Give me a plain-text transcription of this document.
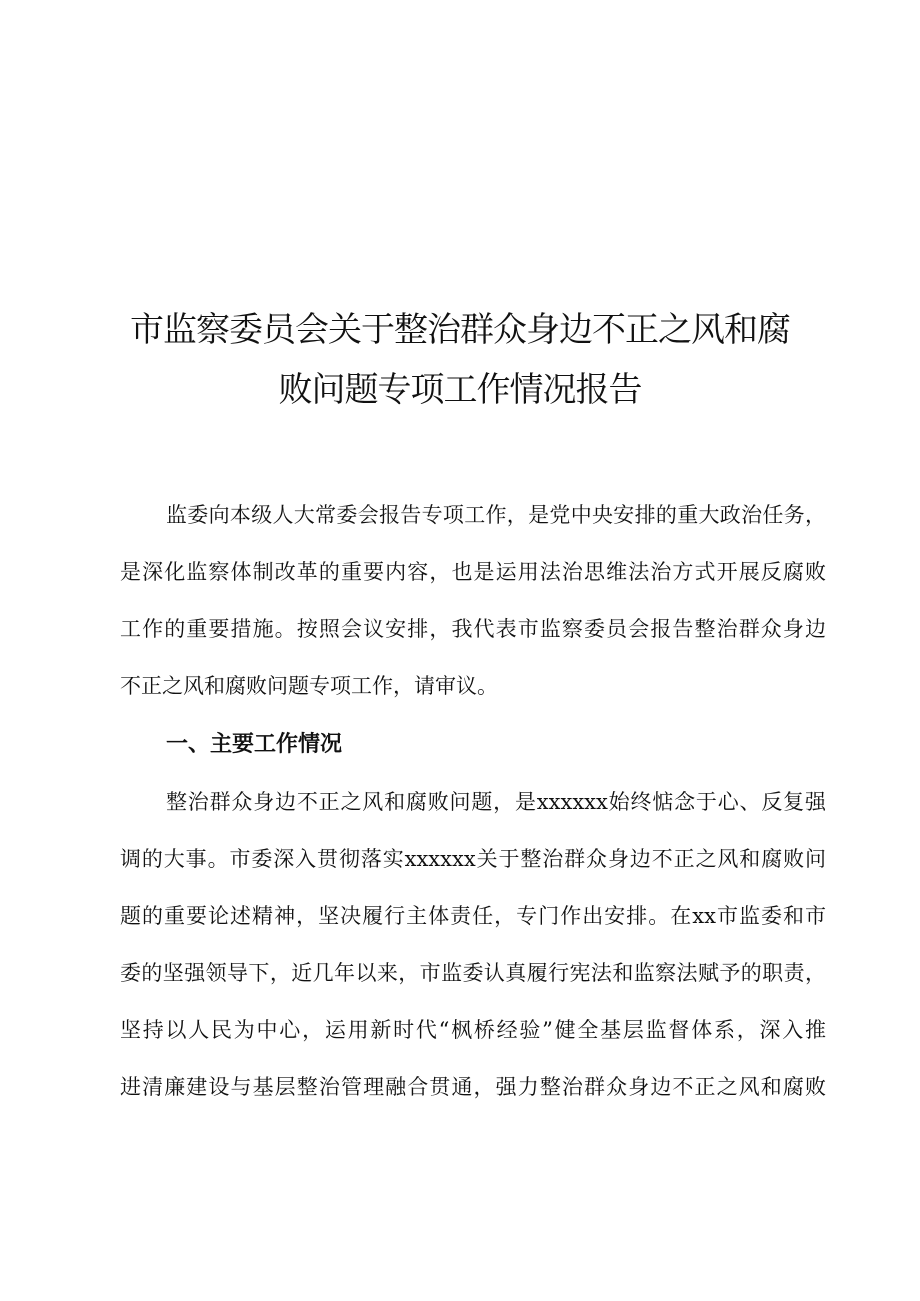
市监察委员会关于整治群众身边不正之风和腐
败问题专项工作情况报告

监委向本级人大常委会报告专项工作，是党中央安排的重大政治任务，

是深化监察体制改革的重要内容，也是运用法治思维法治方式开展反腐败

工作的重要措施。按照会议安排，我代表市监察委员会报告整治群众身边

不正之风和腐败问题专项工作，请审议。

一、主要工作情况

整治群众身边不正之风和腐败问题，是xxxxxx始终惦念于心、反复强

调的大事。市委深入贯彻落实xxxxxx关于整治群众身边不正之风和腐败问

题的重要论述精神，坚决履行主体责任，专门作出安排。在xx市监委和市

委的坚强领导下，近几年以来，市监委认真履行宪法和监察法赋予的职责，

坚持以人民为中心，运用新时代“枫桥经验”健全基层监督体系，深入推

进清廉建设与基层整治管理融合贯通，强力整治群众身边不正之风和腐败
